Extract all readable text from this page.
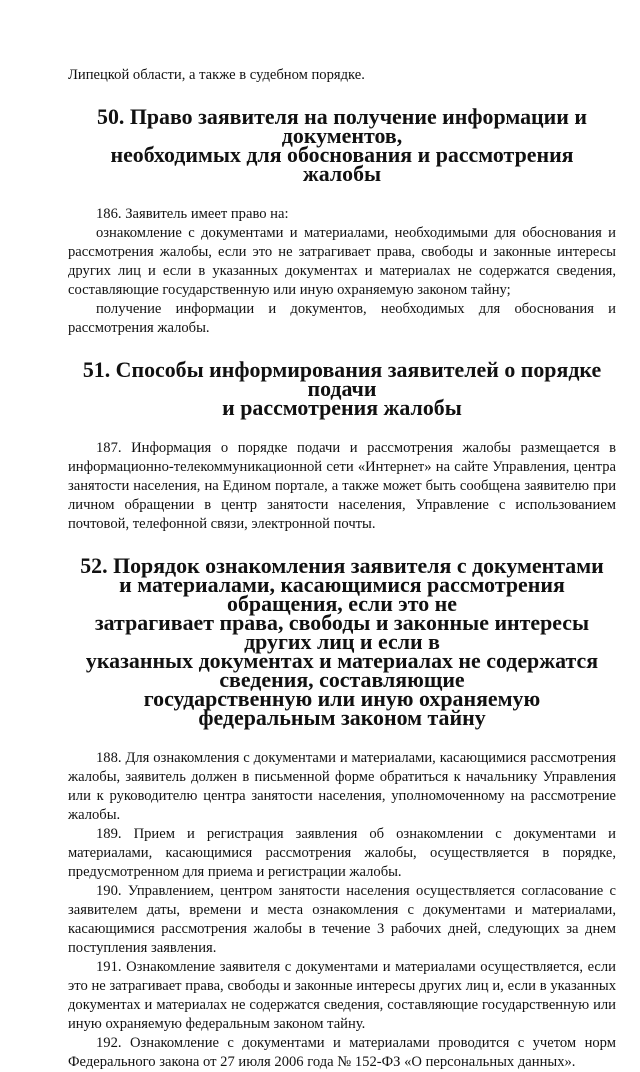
Липецкой области, а также в судебном порядке.

50. Право заявителя на получение информации и документов,
необходимых для обоснования и рассмотрения жалобы

186. Заявитель имеет право на:

ознакомление с документами и материалами, необходимыми для обоснования и рассмотрения жалобы, если это не затрагивает права, свободы и законные интересы других лиц и если в указанных документах и материалах не содержатся сведения, составляющие государственную или иную охраняемую законом тайну;

получение информации и документов, необходимых для обоснования и рассмотрения жалобы.

51. Способы информирования заявителей о порядке подачи
и рассмотрения жалобы

187. Информация о порядке подачи и рассмотрения жалобы размещается в информационно-телекоммуникационной сети «Интернет» на сайте Управления, центра занятости населения, на Едином портале, а также может быть сообщена заявителю при личном обращении в центр занятости населения, Управление с использованием почтовой, телефонной связи, электронной почты.

52. Порядок ознакомления заявителя с документами
и материалами, касающимися рассмотрения обращения, если это не
затрагивает права, свободы и законные интересы других лиц и если в
указанных документах и материалах не содержатся сведения, составляющие
государственную или иную охраняемую федеральным законом тайну

188. Для ознакомления с документами и материалами, касающимися рассмотрения жалобы, заявитель должен в письменной форме обратиться к начальнику Управления или к руководителю центра занятости населения, уполномоченному на рассмотрение жалобы.

189. Прием и регистрация заявления об ознакомлении с документами и материалами, касающимися рассмотрения жалобы, осуществляется в порядке, предусмотренном для приема и регистрации жалобы.

190. Управлением, центром занятости населения осуществляется согласование с заявителем даты, времени и места ознакомления с документами и материалами, касающимися рассмотрения жалобы в течение 3 рабочих дней, следующих за днем поступления заявления.

191. Ознакомление заявителя с документами и материалами осуществляется, если это не затрагивает права, свободы и законные интересы других лиц и, если в указанных документах и материалах не содержатся сведения, составляющие государственную или иную охраняемую федеральным законом тайну.

192. Ознакомление с документами и материалами проводится с учетом норм Федерального закона от 27 июля 2006 года № 152-ФЗ «О персональных данных».
